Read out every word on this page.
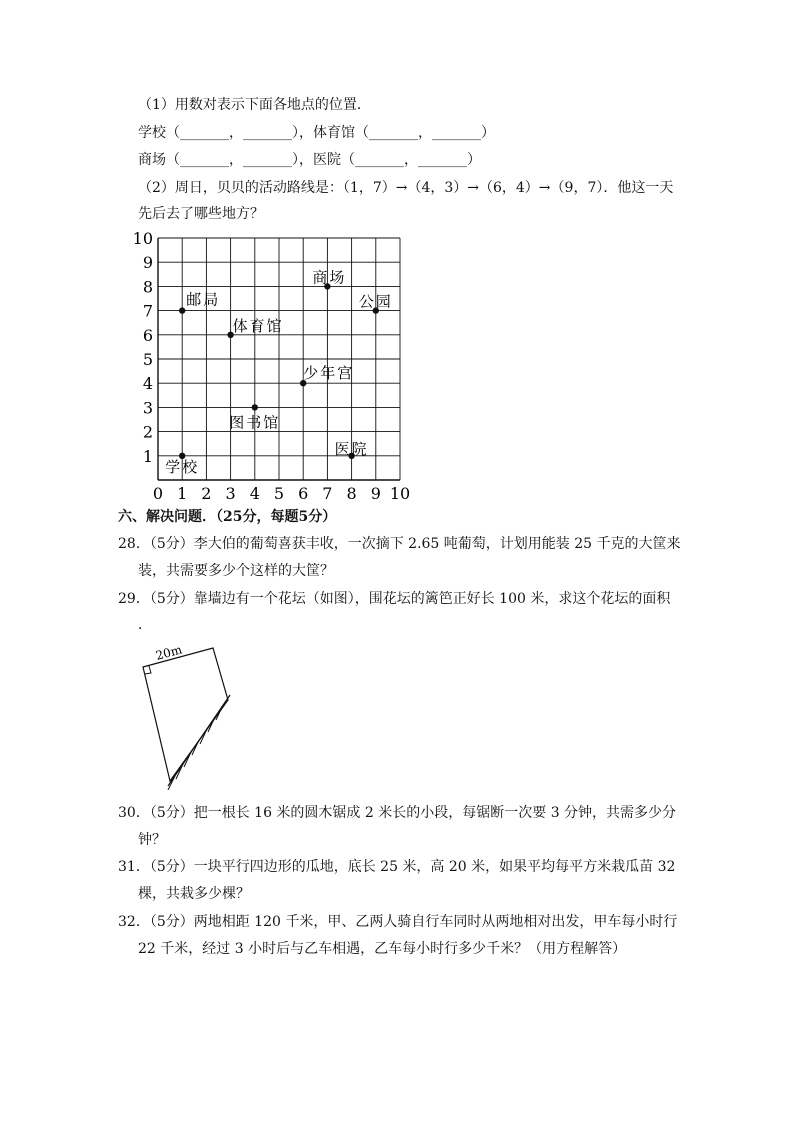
（1）用数对表示下面各地点的位置．
学校（_______，_______），体育馆（_______，_______）
商场（_______，_______），医院（_______，_______）
（2）周日，贝贝的活动路线是：（1，7）→（4，3）→（6，4）→（9，7）．他这一天
先后去了哪些地方？
0 1 2 3 4 5 6 7 8 9 10
1
2
3
4
5
6
7
8
9
10
邮局
体育馆
商场
公园
少年宫
图书馆
医院
学校
六、解决问题．（25分，每题5分）
28．（5分）李大伯的葡萄喜获丰收，一次摘下 2.65 吨葡萄，计划用能装 25 千克的大筐来
装，共需要多少个这样的大筐？
29．（5分）靠墙边有一个花坛（如图），围花坛的篱笆正好长 100 米，求这个花坛的面积
．
20m
30．（5分）把一根长 16 米的圆木锯成 2 米长的小段，每锯断一次要 3 分钟，共需多少分
钟？
31．（5分）一块平行四边形的瓜地，底长 25 米，高 20 米，如果平均每平方米栽瓜苗 32
棵，共栽多少棵？
32．（5分）两地相距 120 千米，甲、乙两人骑自行车同时从两地相对出发，甲车每小时行
22 千米，经过 3 小时后与乙车相遇，乙车每小时行多少千米？（用方程解答）
